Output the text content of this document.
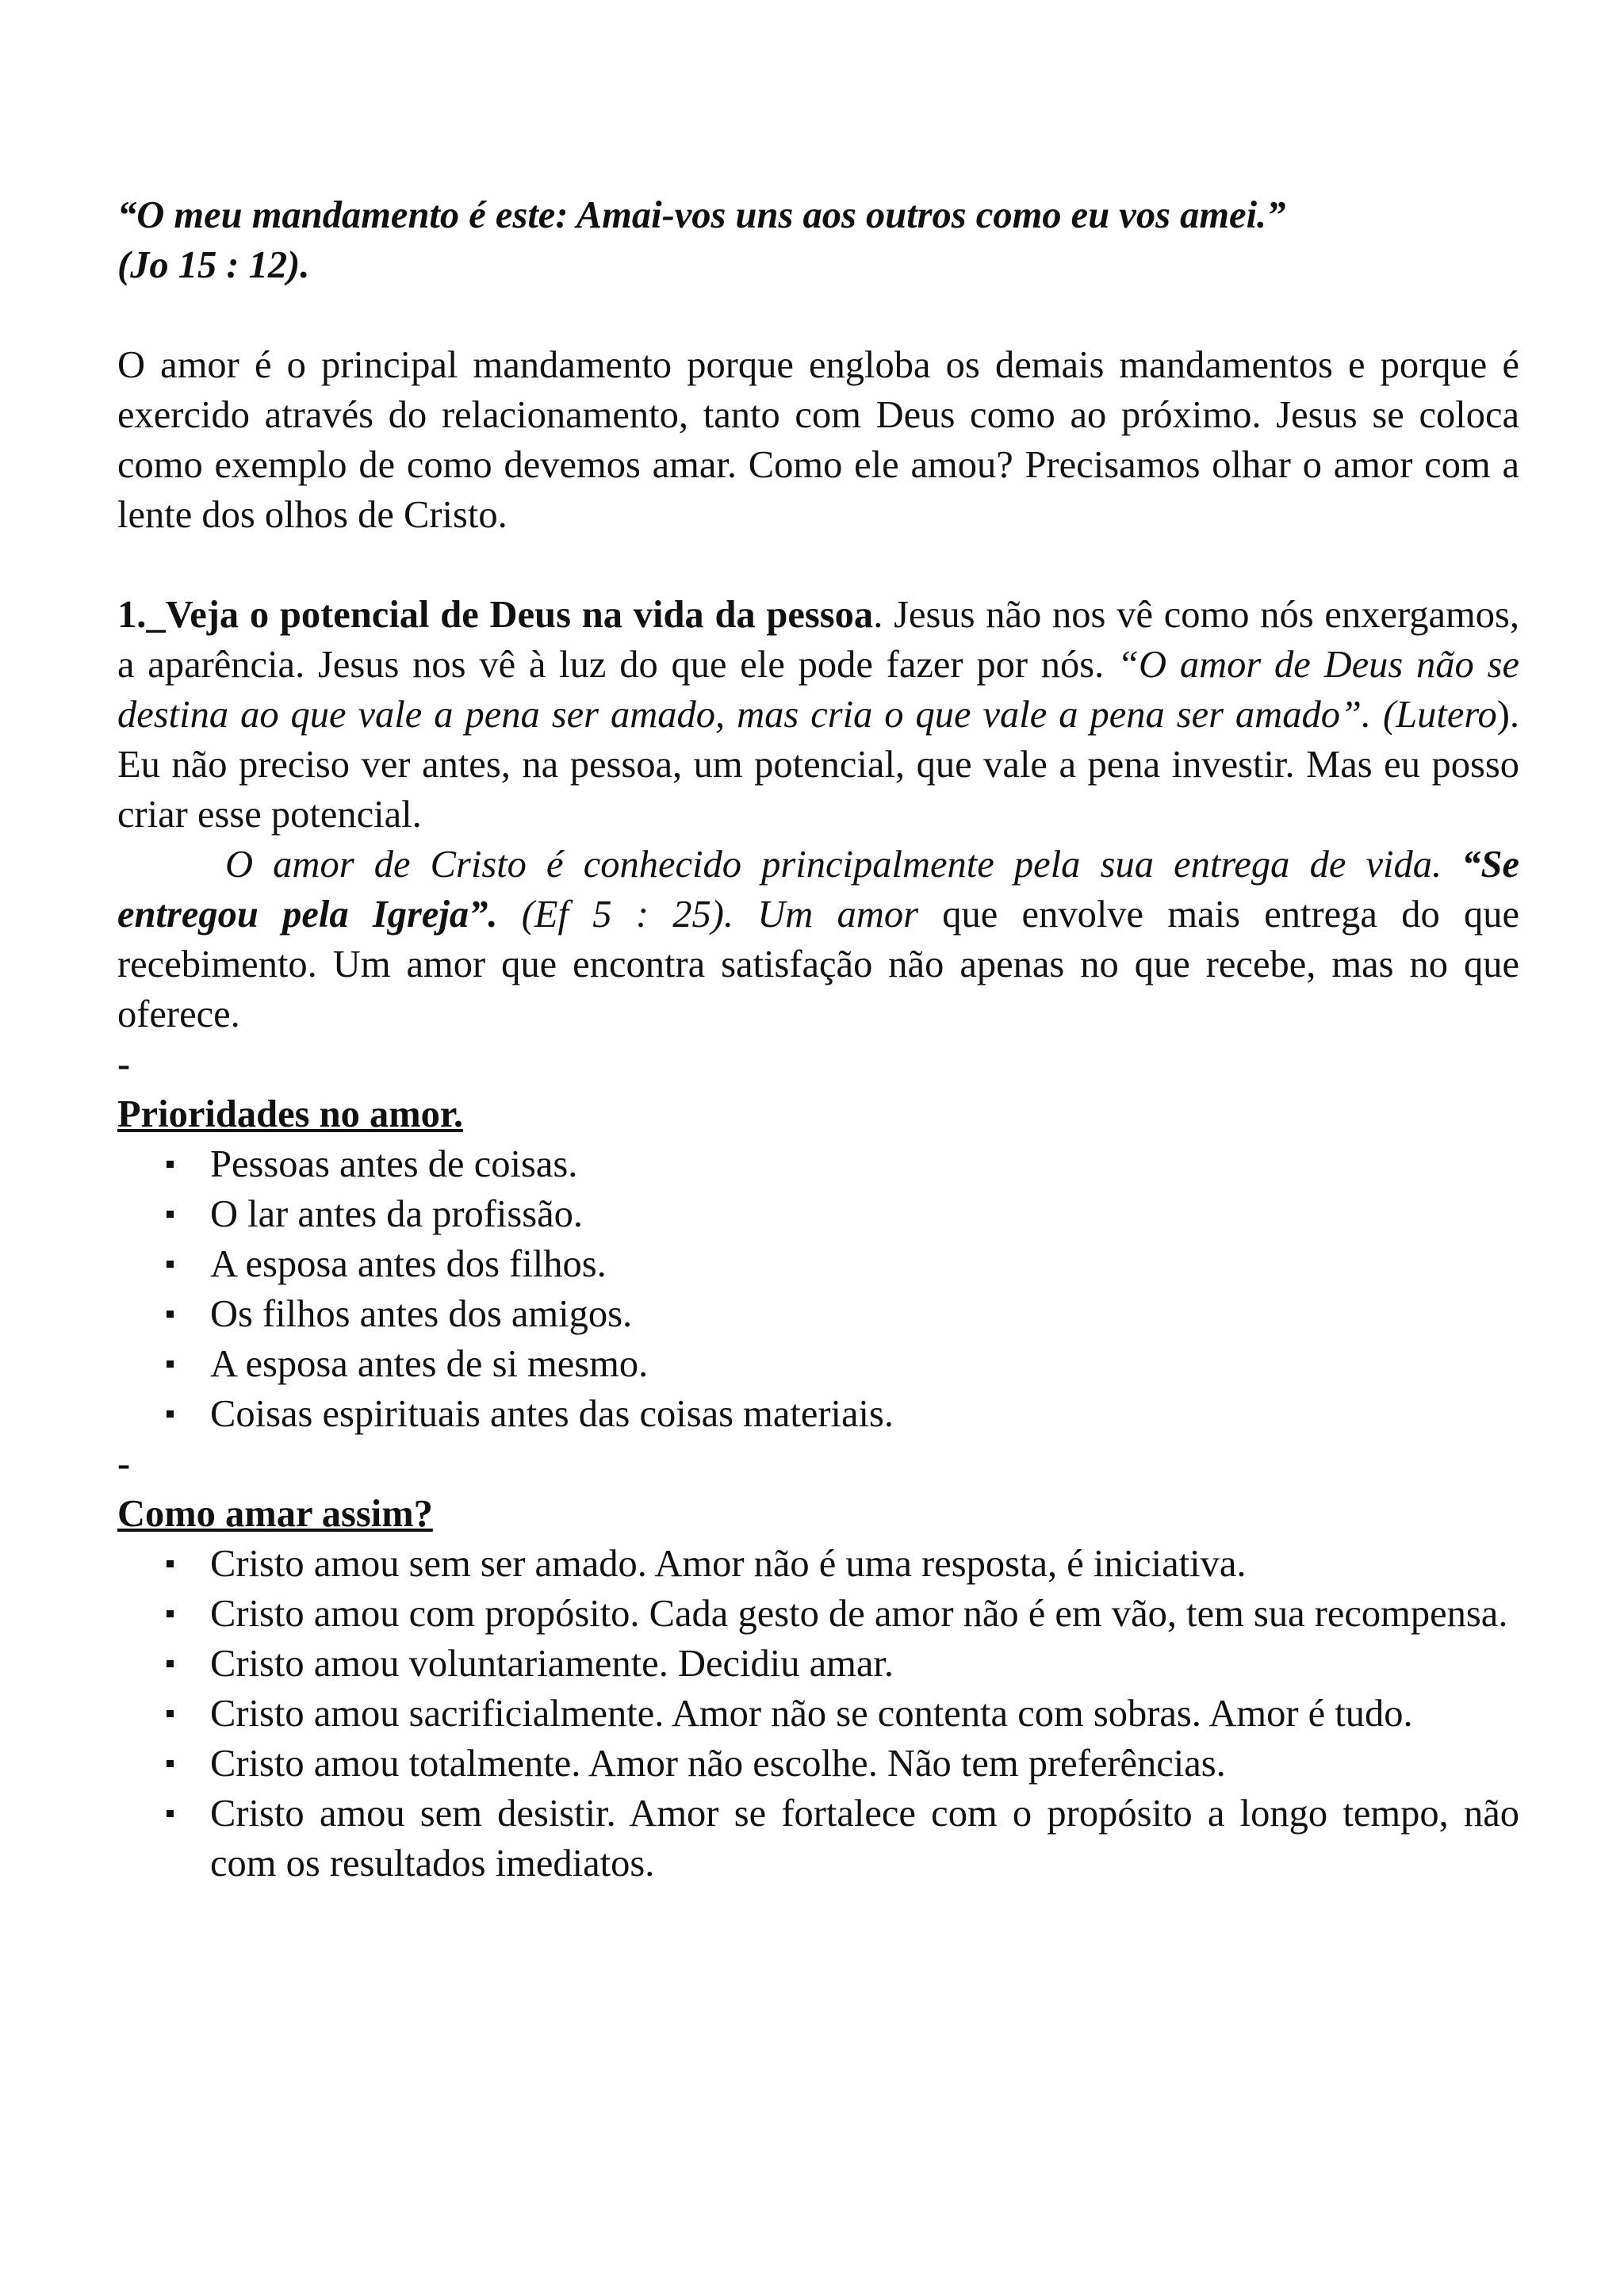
“O meu mandamento é este: Amai-vos uns aos outros como eu vos amei.”
(Jo 15 : 12).

O amor é o principal mandamento porque engloba os demais mandamentos e porque é exercido através do relacionamento, tanto com Deus como ao próximo. Jesus se coloca como exemplo de como devemos amar. Como ele amou? Precisamos olhar o amor com a lente dos olhos de Cristo.

1._Veja o potencial de Deus na vida da pessoa. Jesus não nos vê como nós enxergamos, a aparência. Jesus nos vê à luz do que ele pode fazer por nós. “O amor de Deus não se destina ao que vale a pena ser amado, mas cria o que vale a pena ser amado”. (Lutero). Eu não preciso ver antes, na pessoa, um potencial, que vale a pena investir. Mas eu posso criar esse potencial.

O amor de Cristo é conhecido principalmente pela sua entrega de vida. “Se entregou pela Igreja”. (Ef 5 : 25). Um amor que envolve mais entrega do que recebimento. Um amor que encontra satisfação não apenas no que recebe, mas no que oferece.

-

Prioridades no amor.

Pessoas antes de coisas.
O lar antes da profissão.
A esposa antes dos filhos.
Os filhos antes dos amigos.
A esposa antes de si mesmo.
Coisas espirituais antes das coisas materiais.

-

Como amar assim?

Cristo amou sem ser amado. Amor não é uma resposta, é iniciativa.
Cristo amou com propósito. Cada gesto de amor não é em vão, tem sua recompensa.
Cristo amou voluntariamente. Decidiu amar.
Cristo amou sacrificialmente. Amor não se contenta com sobras. Amor é tudo.
Cristo amou totalmente. Amor não escolhe. Não tem preferências.
Cristo amou sem desistir. Amor se fortalece com o propósito a longo tempo, não com os resultados imediatos.
